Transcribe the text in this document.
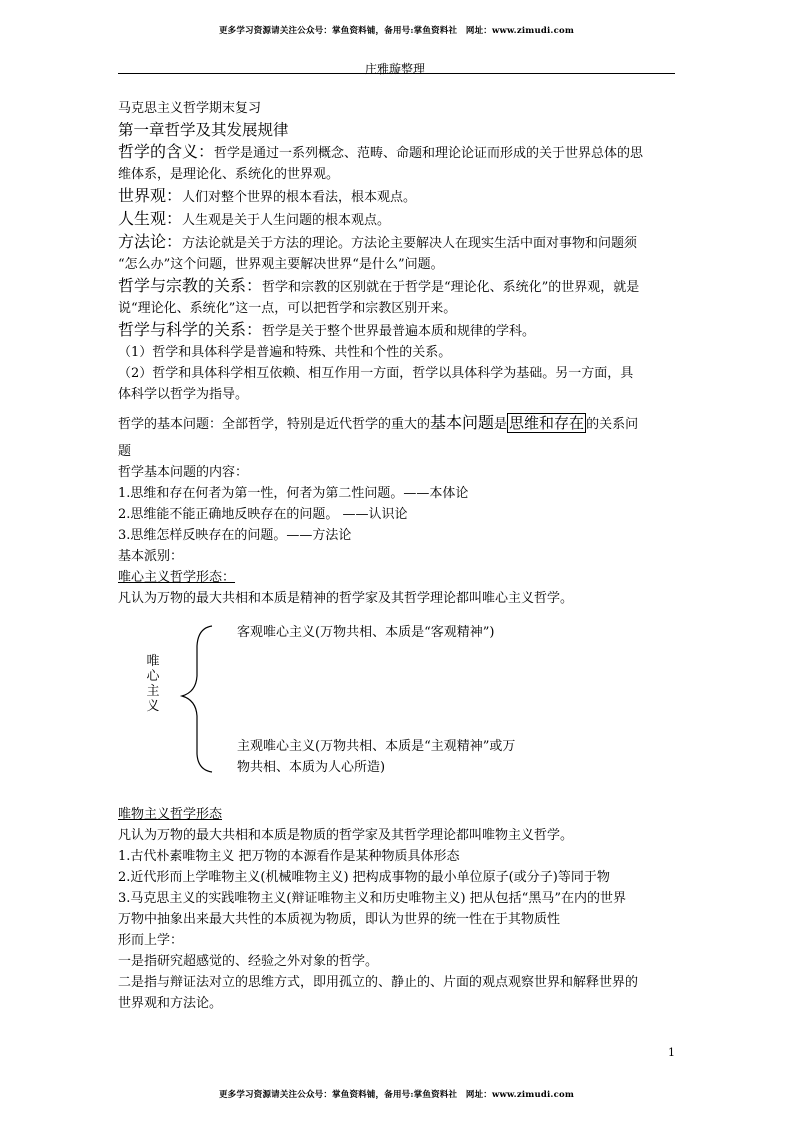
更多学习资源请关注公众号：掌鱼资料铺，备用号:掌鱼资料社　网址：www.zimudi.com
庄雅璇整理
马克思主义哲学期末复习
第一章哲学及其发展规律
哲学的含义：哲学是通过一系列概念、范畴、命题和理论论证而形成的关于世界总体的思
维体系，是理论化、系统化的世界观。
世界观：人们对整个世界的根本看法，根本观点。
人生观：人生观是关于人生问题的根本观点。
方法论：方法论就是关于方法的理论。方法论主要解决人在现实生活中面对事物和问题须
“怎么办”这个问题，世界观主要解决世界“是什么”问题。
哲学与宗教的关系：哲学和宗教的区别就在于哲学是“理论化、系统化”的世界观，就是
说“理论化、系统化”这一点，可以把哲学和宗教区别开来。
哲学与科学的关系：哲学是关于整个世界最普遍本质和规律的学科。
（1）哲学和具体科学是普遍和特殊、共性和个性的关系。
（2）哲学和具体科学相互依赖、相互作用一方面，哲学以具体科学为基础。另一方面，具
体科学以哲学为指导。
哲学的基本问题：全部哲学，特别是近代哲学的重大的基本问题是 思维和存在 的关系问
题
哲学基本问题的内容：
1.思维和存在何者为第一性，何者为第二性问题。——本体论
2.思维能不能正确地反映存在的问题。 ——认识论
3.思维怎样反映存在的问题。——方法论
基本派别：
唯心主义哲学形态：
凡认为万物的最大共相和本质是精神的哲学家及其哲学理论都叫唯心主义哲学。
唯
心
主
义
客观唯心主义(万物共相、本质是“客观精神”)
主观唯心主义(万物共相、本质是“主观精神”或万
物共相、本质为人心所造)
唯物主义哲学形态
凡认为万物的最大共相和本质是物质的哲学家及其哲学理论都叫唯物主义哲学。
1.古代朴素唯物主义 把万物的本源看作是某种物质具体形态
2.近代形而上学唯物主义(机械唯物主义) 把构成事物的最小单位原子(或分子)等同于物
3.马克思主义的实践唯物主义(辩证唯物主义和历史唯物主义) 把从包括“黑马”在内的世界
万物中抽象出来最大共性的本质视为物质，即认为世界的统一性在于其物质性
形而上学：
一是指研究超感觉的、经验之外对象的哲学。
二是指与辩证法对立的思维方式，即用孤立的、静止的、片面的观点观察世界和解释世界的
世界观和方法论。
1
更多学习资源请关注公众号：掌鱼资料铺，备用号:掌鱼资料社　网址：www.zimudi.com
